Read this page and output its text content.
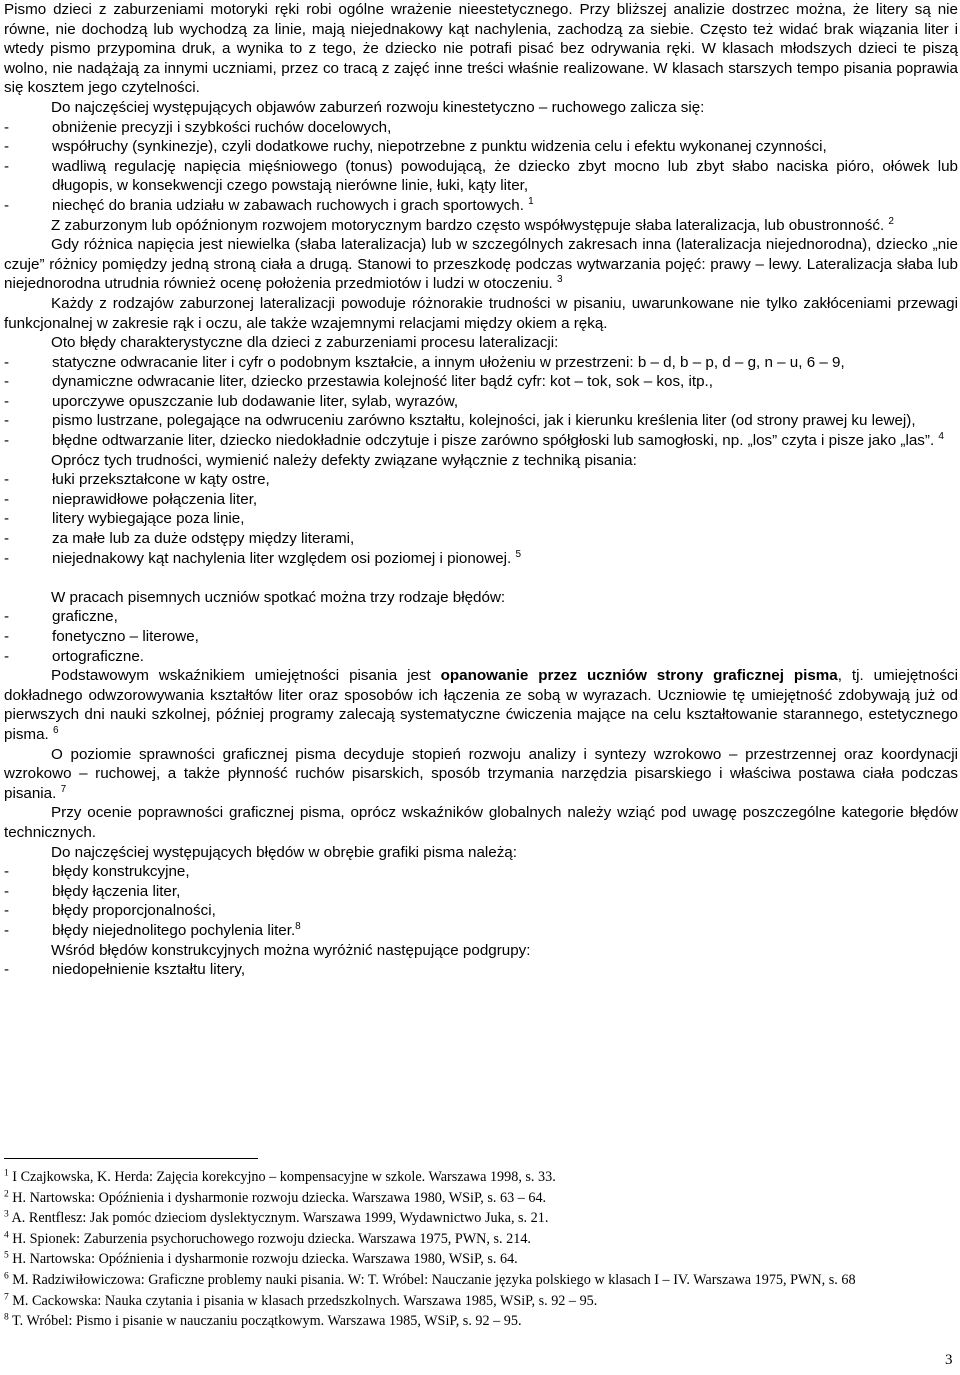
Pismo dzieci z zaburzeniami motoryki ręki robi ogólne wrażenie nieestetycznego. Przy bliższej analizie dostrzec można, że litery są nie równe, nie dochodzą lub wychodzą za linie, mają niejednakowy kąt nachylenia, zachodzą za siebie. Często też widać brak wiązania liter i wtedy pismo przypomina druk, a wynika to z tego, że dziecko nie potrafi pisać bez odrywania ręki. W klasach młodszych dzieci te piszą wolno, nie nadążają za innymi uczniami, przez co tracą z zajęć inne treści właśnie realizowane. W klasach starszych tempo pisania poprawia się kosztem jego czytelności.

Do najczęściej występujących objawów zaburzeń rozwoju kinestetyczno – ruchowego zalicza się:

-	obniżenie precyzji i szybkości ruchów docelowych,
-	współruchy (synkinezje), czyli dodatkowe ruchy, niepotrzebne z punktu widzenia celu i efektu wykonanej czynności,
-	wadliwą regulację napięcia mięśniowego (tonus) powodującą, że dziecko zbyt mocno lub zbyt słabo naciska pióro, ołówek lub długopis, w konsekwencji czego powstają nierówne linie, łuki, kąty liter,
-	niechęć do brania udziału w zabawach ruchowych i grach sportowych. $^1$

Z zaburzonym lub opóźnionym rozwojem motorycznym bardzo często współwystępuje słaba lateralizacja, lub obustronność. $^2$

Gdy różnica napięcia jest niewielka (słaba lateralizacja) lub w szczególnych zakresach inna (lateralizacja niejednorodna), dziecko „nie czuje” różnicy pomiędzy jedną stroną ciała a drugą. Stanowi to przeszkodę podczas wytwarzania pojęć: prawy – lewy. Lateralizacja słaba lub niejednorodna utrudnia również ocenę położenia przedmiotów i ludzi w otoczeniu. $^3$

Każdy z rodzajów zaburzonej lateralizacji powoduje różnorakie trudności w pisaniu, uwarunkowane nie tylko zakłóceniami przewagi funkcjonalnej w zakresie rąk i oczu, ale także wzajemnymi relacjami między okiem a ręką.

Oto błędy charakterystyczne dla dzieci z zaburzeniami procesu lateralizacji:

-	statyczne odwracanie liter i cyfr o podobnym kształcie, a innym ułożeniu w przestrzeni: b – d, b – p, d – g, n – u, 6 – 9,
-	dynamiczne odwracanie liter, dziecko przestawia kolejność liter bądź cyfr: kot – tok, sok – kos, itp.,
-	uporczywe opuszczanie lub dodawanie liter, sylab, wyrazów,
-	pismo lustrzane, polegające na odwruceniu zarówno kształtu, kolejności, jak i kierunku kreślenia liter (od strony prawej ku lewej),
-	błędne odtwarzanie liter, dziecko niedokładnie odczytuje i pisze zarówno spółgłoski lub samogłoski, np. „los” czyta i pisze jako „las”. $^4$

Oprócz tych trudności, wymienić należy defekty związane wyłącznie z techniką pisania:

-	łuki przekształcone w kąty ostre,
-	nieprawidłowe połączenia liter,
-	litery wybiegające poza linie,
-	za małe lub za duże odstępy między literami,
-	niejednakowy kąt nachylenia liter względem osi poziomej i pionowej. $^5$

W pracach pisemnych uczniów spotkać można trzy rodzaje błędów:

-	graficzne,
-	fonetyczno – literowe,
-	ortograficzne.

Podstawowym wskaźnikiem umiejętności pisania jest opanowanie przez uczniów strony graficznej pisma, tj. umiejętności dokładnego odwzorowywania kształtów liter oraz sposobów ich łączenia ze sobą w wyrazach. Uczniowie tę umiejętność zdobywają już od pierwszych dni nauki szkolnej, później programy zalecają systematyczne ćwiczenia mające na celu kształtowanie starannego, estetycznego pisma. $^6$

O poziomie sprawności graficznej pisma decyduje stopień rozwoju analizy i syntezy wzrokowo – przestrzennej oraz koordynacji wzrokowo – ruchowej, a także płynność ruchów pisarskich, sposób trzymania narzędzia pisarskiego i właściwa postawa ciała podczas pisania. $^7$

Przy ocenie poprawności graficznej pisma, oprócz wskaźników globalnych należy wziąć pod uwagę poszczególne kategorie błędów technicznych.

Do najczęściej występujących błędów w obrębie grafiki pisma należą:

-	błędy konstrukcyjne,
-	błędy łączenia liter,
-	błędy proporcjonalności,
-	błędy niejednolitego pochylenia liter.$^8$

Wśród błędów konstrukcyjnych można wyróżnić następujące podgrupy:

-	niedopełnienie kształtu litery,

$^1$ I Czajkowska, K. Herda: Zajęcia korekcyjno – kompensacyjne w szkole. Warszawa 1998, s. 33.

$^2$ H. Nartowska: Opóźnienia i dysharmonie rozwoju dziecka. Warszawa 1980, WSiP, s. 63 – 64.

$^3$ A. Rentflesz: Jak pomóc dzieciom dyslektycznym. Warszawa 1999, Wydawnictwo Juka, s. 21.

$^4$ H. Spionek: Zaburzenia psychoruchowego rozwoju dziecka. Warszawa 1975, PWN, s. 214.

$^5$ H. Nartowska: Opóźnienia i dysharmonie rozwoju dziecka. Warszawa 1980, WSiP, s. 64.

$^6$ M. Radziwiłowiczowa: Graficzne problemy nauki pisania. W: T. Wróbel: Nauczanie języka polskiego w klasach I – IV. Warszawa 1975, PWN, s. 68

$^7$ M. Cackowska: Nauka czytania i pisania w klasach przedszkolnych. Warszawa 1985, WSiP, s. 92 – 95.

$^8$ T. Wróbel: Pismo i pisanie w nauczaniu początkowym. Warszawa 1985, WSiP, s. 92 – 95.

3
